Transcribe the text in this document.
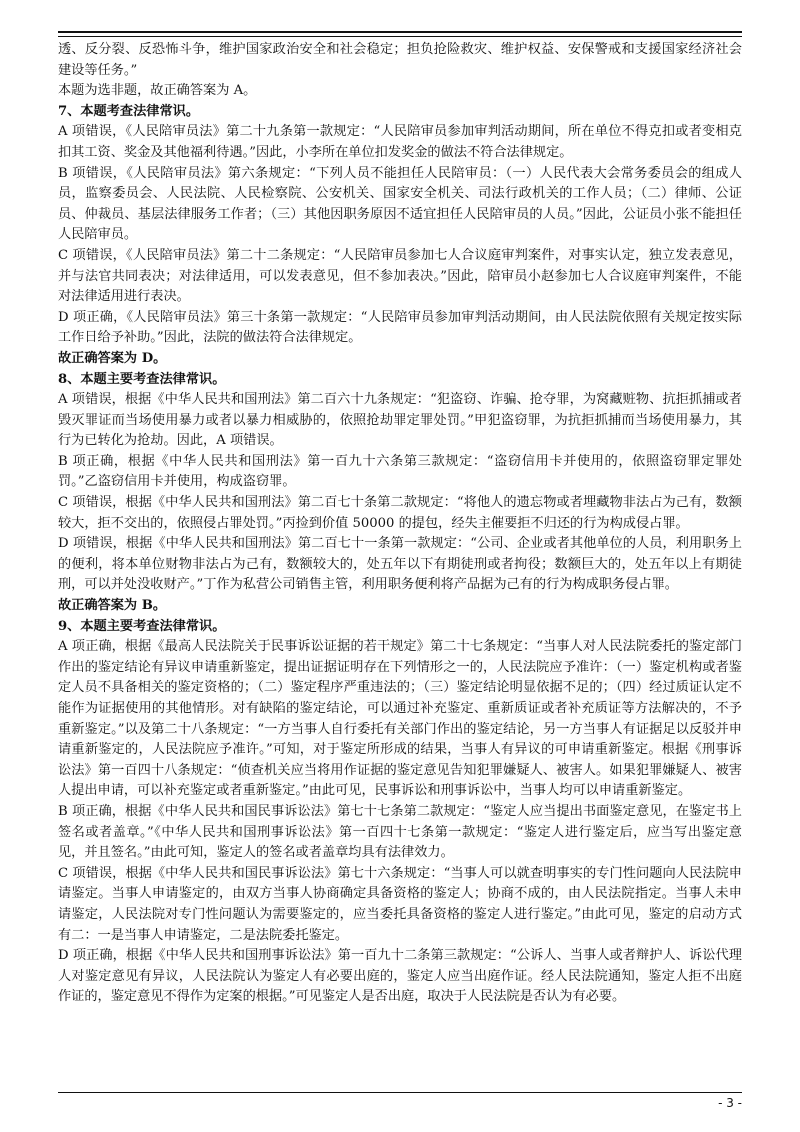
透、反分裂、反恐怖斗争，维护国家政治安全和社会稳定；担负抢险救灾、维护权益、安保警戒和支援国家经济社会建设等任务。”

本题为选非题，故正确答案为 A。

7、本题考查法律常识。

A 项错误，《人民陪审员法》第二十九条第一款规定：“人民陪审员参加审判活动期间，所在单位不得克扣或者变相克扣其工资、奖金及其他福利待遇。”因此，小李所在单位扣发奖金的做法不符合法律规定。

B 项错误，《人民陪审员法》第六条规定：“下列人员不能担任人民陪审员：（一）人民代表大会常务委员会的组成人员，监察委员会、人民法院、人民检察院、公安机关、国家安全机关、司法行政机关的工作人员；（二）律师、公证员、仲裁员、基层法律服务工作者；（三）其他因职务原因不适宜担任人民陪审员的人员。”因此，公证员小张不能担任人民陪审员。

C 项错误，《人民陪审员法》第二十二条规定：“人民陪审员参加七人合议庭审判案件，对事实认定，独立发表意见，并与法官共同表决；对法律适用，可以发表意见，但不参加表决。”因此，陪审员小赵参加七人合议庭审判案件，不能对法律适用进行表决。

D 项正确，《人民陪审员法》第三十条第一款规定：“人民陪审员参加审判活动期间，由人民法院依照有关规定按实际工作日给予补助。”因此，法院的做法符合法律规定。

故正确答案为 D。

8、本题主要考查法律常识。

A 项错误，根据《中华人民共和国刑法》第二百六十九条规定：“犯盗窃、诈骗、抢夺罪，为窝藏赃物、抗拒抓捕或者毁灭罪证而当场使用暴力或者以暴力相威胁的，依照抢劫罪定罪处罚。”甲犯盗窃罪，为抗拒抓捕而当场使用暴力，其行为已转化为抢劫。因此，A 项错误。

B 项正确，根据《中华人民共和国刑法》第一百九十六条第三款规定：“盗窃信用卡并使用的，依照盗窃罪定罪处罚。”乙盗窃信用卡并使用，构成盗窃罪。

C 项错误，根据《中华人民共和国刑法》第二百七十条第二款规定：“将他人的遗忘物或者埋藏物非法占为己有，数额较大，拒不交出的，依照侵占罪处罚。”丙捡到价值 50000 的提包，经失主催要拒不归还的行为构成侵占罪。

D 项错误，根据《中华人民共和国刑法》第二百七十一条第一款规定：“公司、企业或者其他单位的人员，利用职务上的便利，将本单位财物非法占为己有，数额较大的，处五年以下有期徒刑或者拘役；数额巨大的，处五年以上有期徒刑，可以并处没收财产。”丁作为私营公司销售主管，利用职务便利将产品据为己有的行为构成职务侵占罪。

故正确答案为 B。

9、本题主要考查法律常识。

A 项正确，根据《最高人民法院关于民事诉讼证据的若干规定》第二十七条规定：“当事人对人民法院委托的鉴定部门作出的鉴定结论有异议申请重新鉴定，提出证据证明存在下列情形之一的，人民法院应予准许：（一）鉴定机构或者鉴定人员不具备相关的鉴定资格的；（二）鉴定程序严重违法的；（三）鉴定结论明显依据不足的；（四）经过质证认定不能作为证据使用的其他情形。对有缺陷的鉴定结论，可以通过补充鉴定、重新质证或者补充质证等方法解决的，不予重新鉴定。”以及第二十八条规定：“一方当事人自行委托有关部门作出的鉴定结论，另一方当事人有证据足以反驳并申请重新鉴定的，人民法院应予准许。”可知，对于鉴定所形成的结果，当事人有异议的可申请重新鉴定。根据《刑事诉讼法》第一百四十八条规定：“侦查机关应当将用作证据的鉴定意见告知犯罪嫌疑人、被害人。如果犯罪嫌疑人、被害人提出申请，可以补充鉴定或者重新鉴定。”由此可见，民事诉讼和刑事诉讼中，当事人均可以申请重新鉴定。

B 项正确，根据《中华人民共和国民事诉讼法》第七十七条第二款规定：“鉴定人应当提出书面鉴定意见，在鉴定书上签名或者盖章。”《中华人民共和国刑事诉讼法》第一百四十七条第一款规定：“鉴定人进行鉴定后，应当写出鉴定意见，并且签名。”由此可知，鉴定人的签名或者盖章均具有法律效力。

C 项错误，根据《中华人民共和国民事诉讼法》第七十六条规定：“当事人可以就查明事实的专门性问题向人民法院申请鉴定。当事人申请鉴定的，由双方当事人协商确定具备资格的鉴定人；协商不成的，由人民法院指定。当事人未申请鉴定，人民法院对专门性问题认为需要鉴定的，应当委托具备资格的鉴定人进行鉴定。”由此可见，鉴定的启动方式有二：一是当事人申请鉴定，二是法院委托鉴定。

D 项正确，根据《中华人民共和国刑事诉讼法》第一百九十二条第三款规定：“公诉人、当事人或者辩护人、诉讼代理人对鉴定意见有异议，人民法院认为鉴定人有必要出庭的，鉴定人应当出庭作证。经人民法院通知，鉴定人拒不出庭作证的，鉴定意见不得作为定案的根据。”可见鉴定人是否出庭，取决于人民法院是否认为有必要。

- 3 -
